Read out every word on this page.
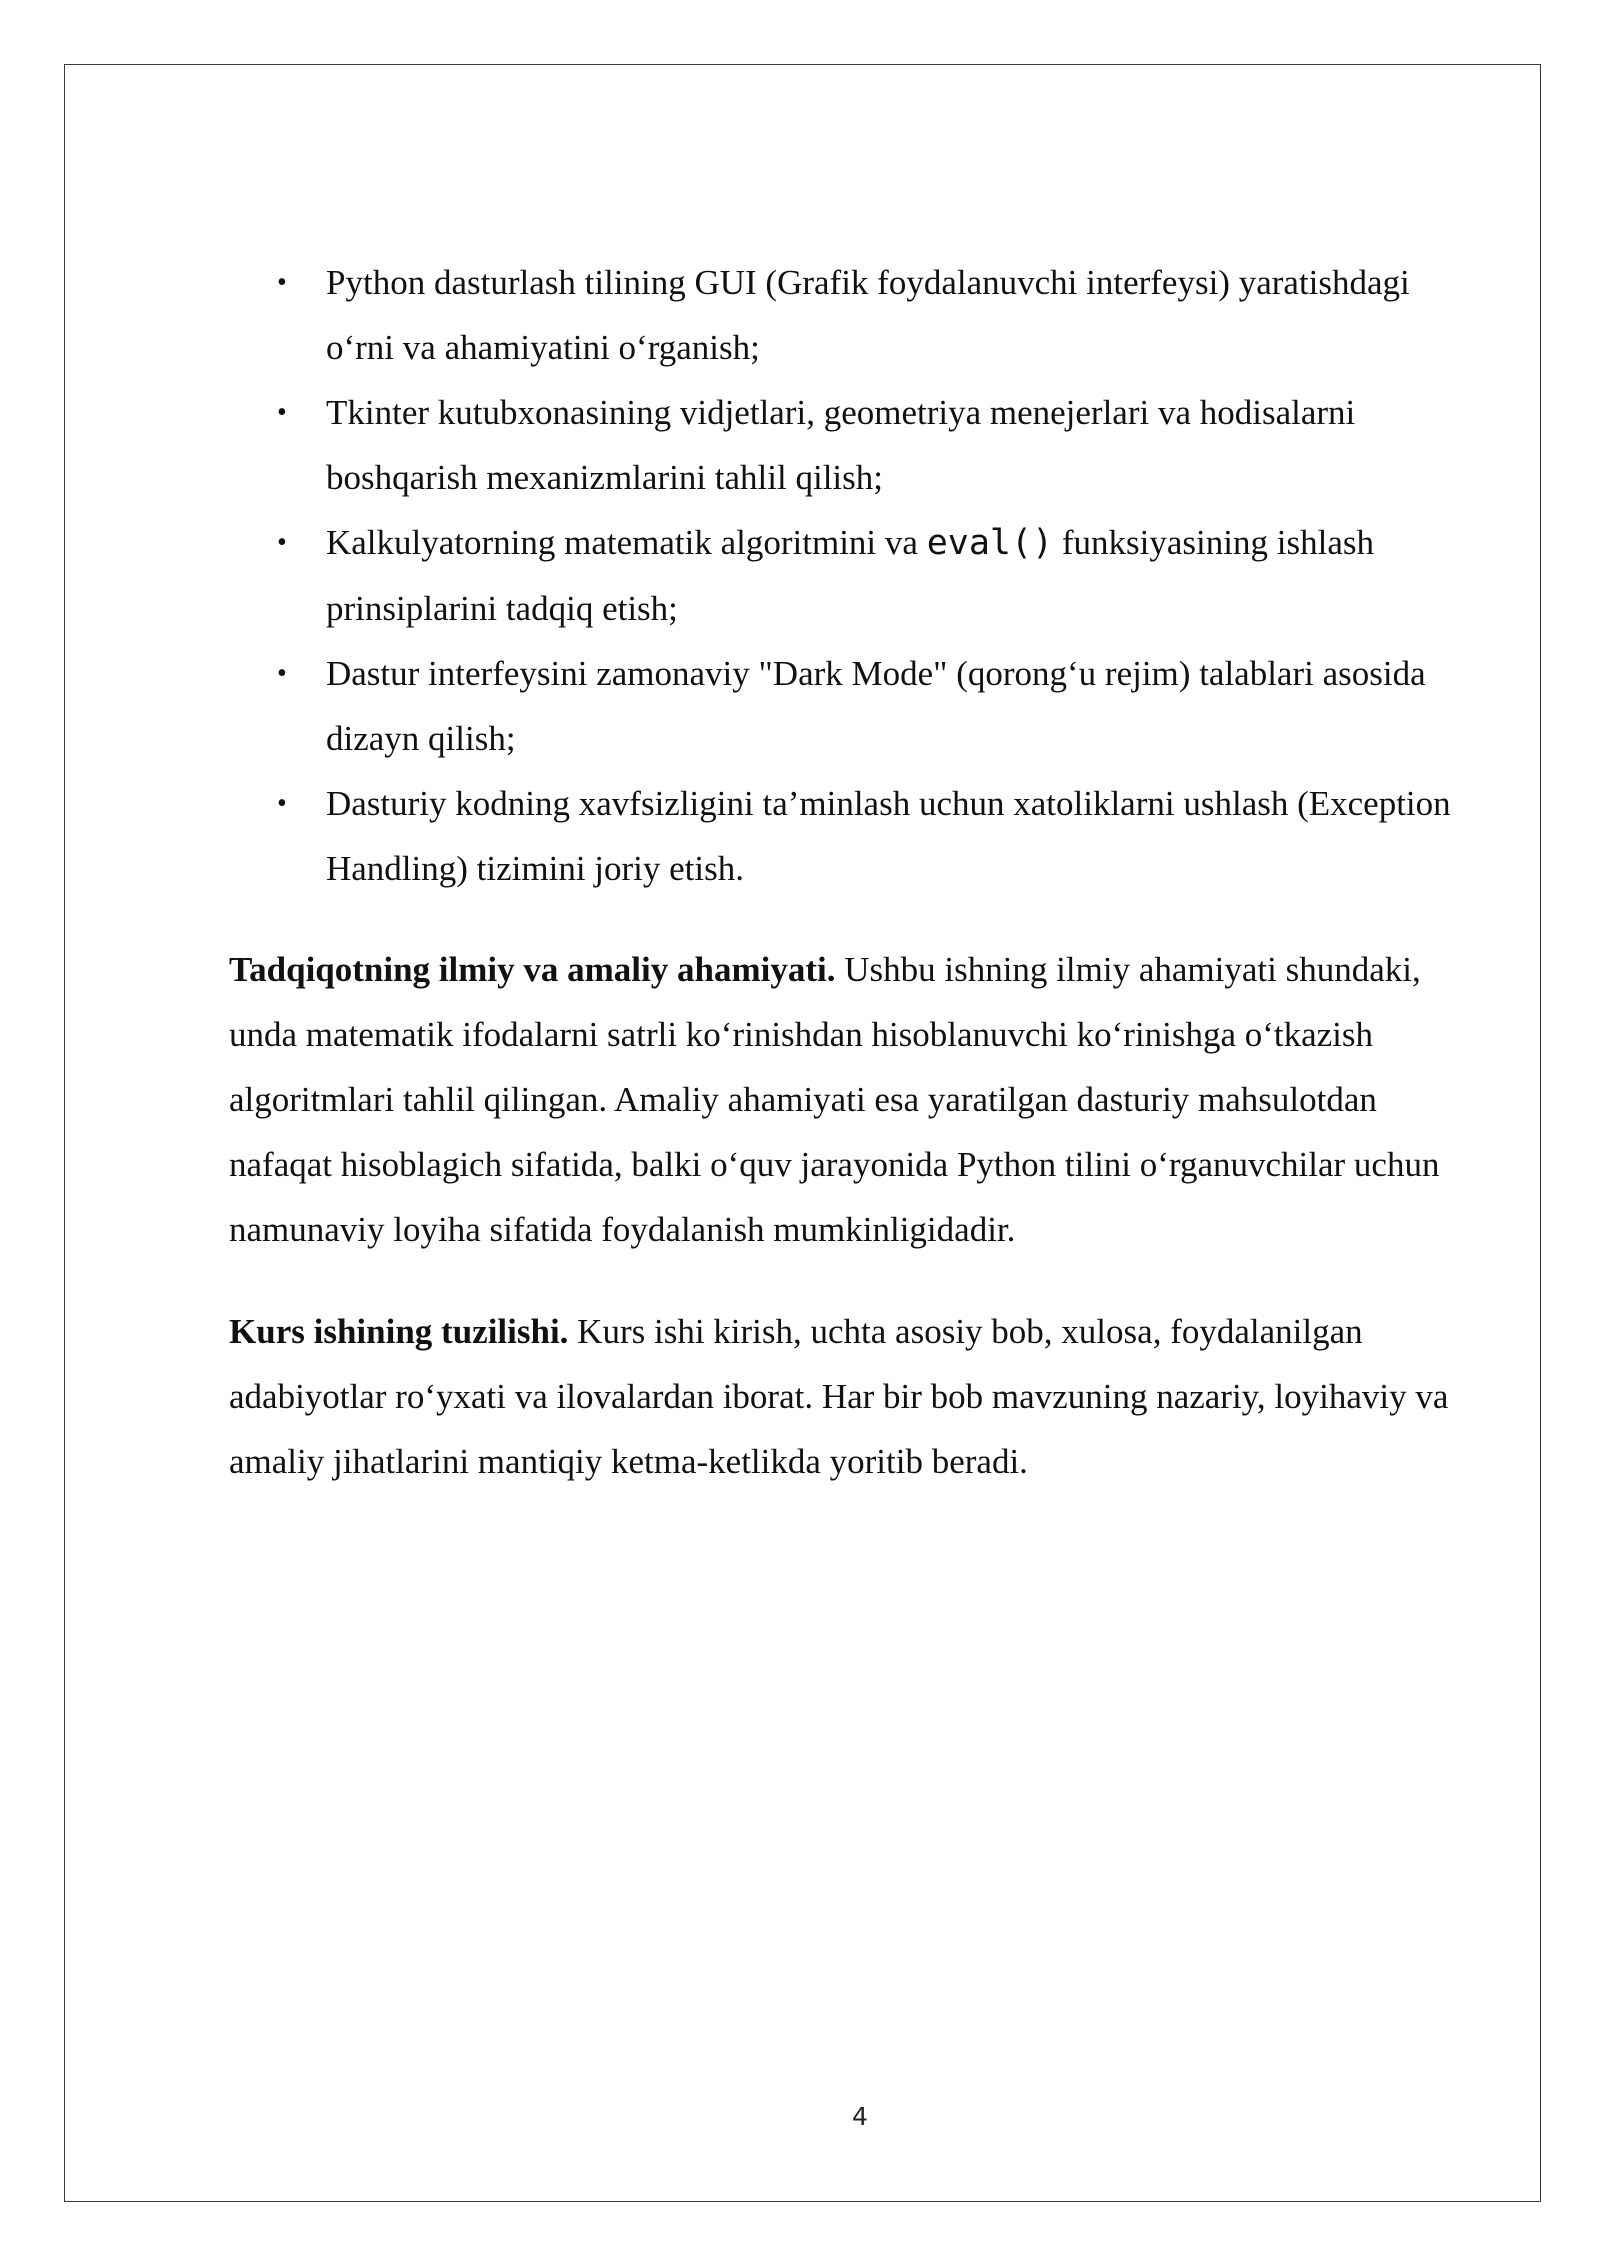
• Python dasturlash tilining GUI (Grafik foydalanuvchi interfeysi) yaratishdagi o‘rni va ahamiyatini o‘rganish;
• Tkinter kutubxonasining vidjetlari, geometriya menejerlari va hodisalarni boshqarish mexanizmlarini tahlil qilish;
• Kalkulyatorning matematik algoritmini va eval() funksiyasining ishlash prinsiplarini tadqiq etish;
• Dastur interfeysini zamonaviy "Dark Mode" (qorong‘u rejim) talablari asosida dizayn qilish;
• Dasturiy kodning xavfsizligini ta’minlash uchun xatoliklarni ushlash (Exception Handling) tizimini joriy etish.

Tadqiqotning ilmiy va amaliy ahamiyati. Ushbu ishning ilmiy ahamiyati shundaki, unda matematik ifodalarni satrli ko‘rinishdan hisoblanuvchi ko‘rinishga o‘tkazish algoritmlari tahlil qilingan. Amaliy ahamiyati esa yaratilgan dasturiy mahsulotdan nafaqat hisoblagich sifatida, balki o‘quv jarayonida Python tilini o‘rganuvchilar uchun namunaviy loyiha sifatida foydalanish mumkinligidadir.

Kurs ishining tuzilishi. Kurs ishi kirish, uchta asosiy bob, xulosa, foydalanilgan adabiyotlar ro‘yxati va ilovalardan iborat. Har bir bob mavzuning nazariy, loyihaviy va amaliy jihatlarini mantiqiy ketma-ketlikda yoritib beradi.

4
